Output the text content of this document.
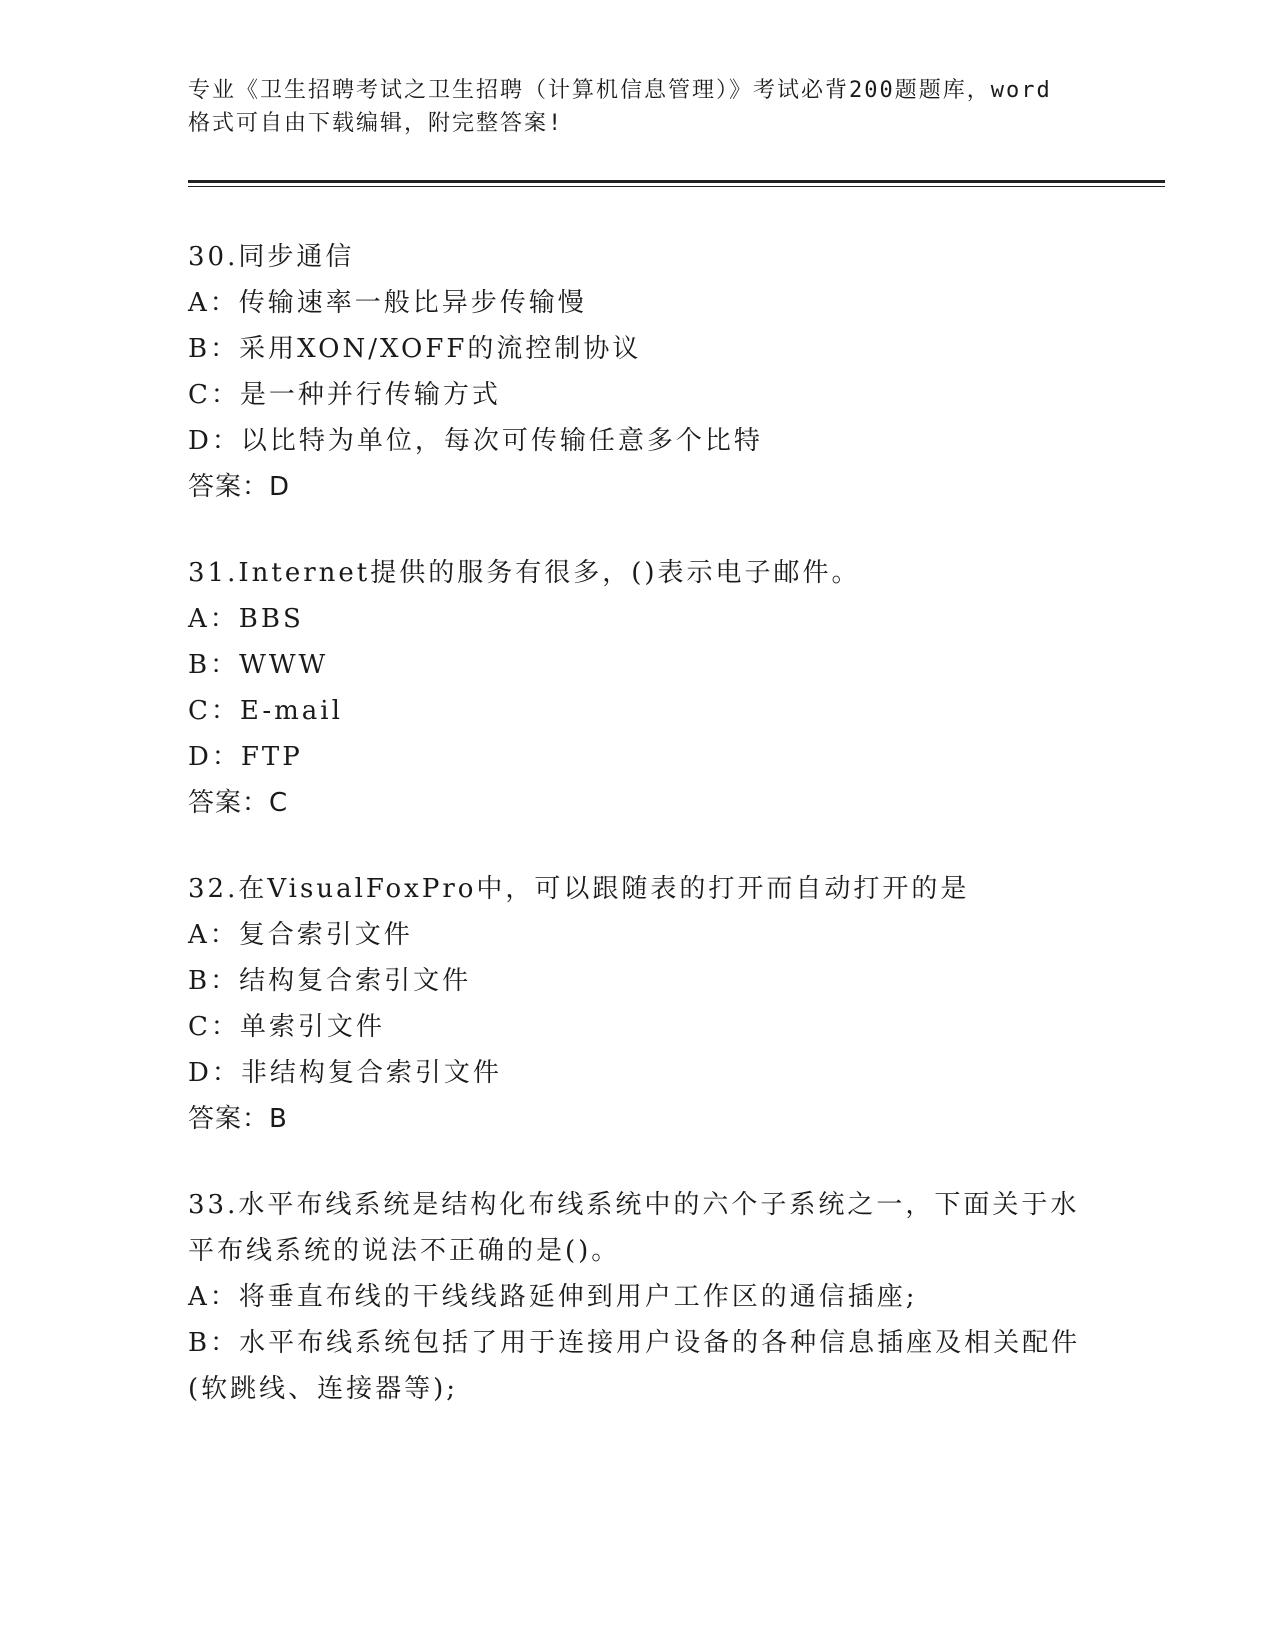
专业《卫生招聘考试之卫生招聘（计算机信息管理）》考试必背200题题库，word
格式可自由下载编辑，附完整答案!
30.同步通信
A：传输速率一般比异步传输慢
B：采用XON/XOFF的流控制协议
C：是一种并行传输方式
D：以比特为单位，每次可传输任意多个比特
答案：D
31.Internet提供的服务有很多，()表示电子邮件。
A：BBS
B：WWW
C：E-mail
D：FTP
答案：C
32.在VisualFoxPro中，可以跟随表的打开而自动打开的是
A：复合索引文件
B：结构复合索引文件
C：单索引文件
D：非结构复合索引文件
答案：B
33.水平布线系统是结构化布线系统中的六个子系统之一，下面关于水
平布线系统的说法不正确的是()。
A：将垂直布线的干线线路延伸到用户工作区的通信插座;
B：水平布线系统包括了用于连接用户设备的各种信息插座及相关配件
(软跳线、连接器等);
